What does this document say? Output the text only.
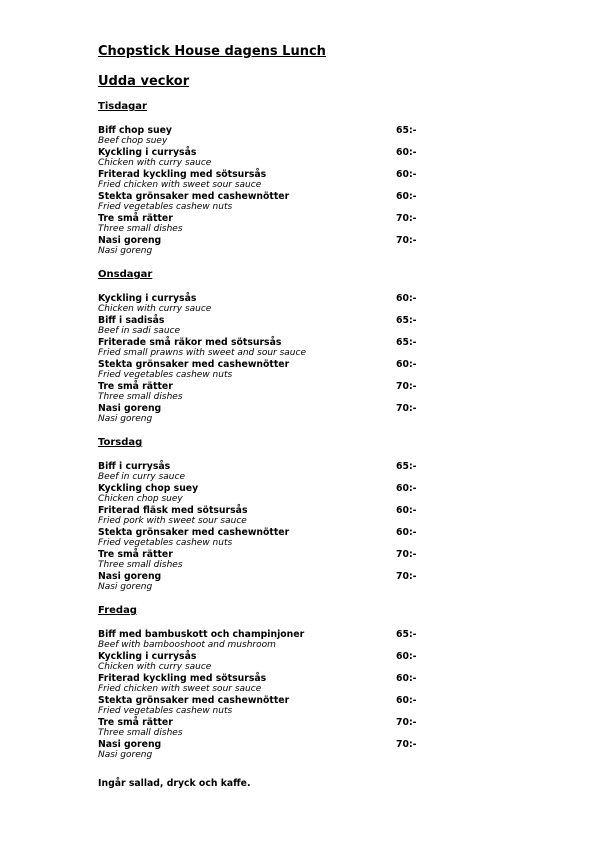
Chopstick House dagens Lunch
Udda veckor
Tisdagar
Biff chop suey	65:-
Beef chop suey
Kyckling i currysås	60:-
Chicken with curry sauce
Friterad kyckling med sötsursås	60:-
Fried chicken with sweet sour sauce
Stekta grönsaker med cashewnötter	60:-
Fried vegetables cashew nuts
Tre små rätter	70:-
Three small dishes
Nasi goreng	70:-
Nasi goreng
Onsdagar
Kyckling i currysås	60:-
Chicken with curry sauce
Biff i sadisås	65:-
Beef in sadi sauce
Friterade små räkor med sötsursås	65:-
Fried small prawns with sweet and sour sauce
Stekta grönsaker med cashewnötter	60:-
Fried vegetables cashew nuts
Tre små rätter	70:-
Three small dishes
Nasi goreng	70:-
Nasi goreng
Torsdag
Biff i currysås	65:-
Beef in curry sauce
Kyckling chop suey	60:-
Chicken chop suey
Friterad fläsk med sötsursås	60:-
Fried pork with sweet sour sauce
Stekta grönsaker med cashewnötter	60:-
Fried vegetables cashew nuts
Tre små rätter	70:-
Three small dishes
Nasi goreng	70:-
Nasi goreng
Fredag
Biff med bambuskott och champinjoner	65:-
Beef with bambooshoot and mushroom
Kyckling i currysås	60:-
Chicken with curry sauce
Friterad kyckling med sötsursås	60:-
Fried chicken with sweet sour sauce
Stekta grönsaker med cashewnötter	60:-
Fried vegetables cashew nuts
Tre små rätter	70:-
Three small dishes
Nasi goreng	70:-
Nasi goreng
Ingår sallad, dryck och kaffe.
